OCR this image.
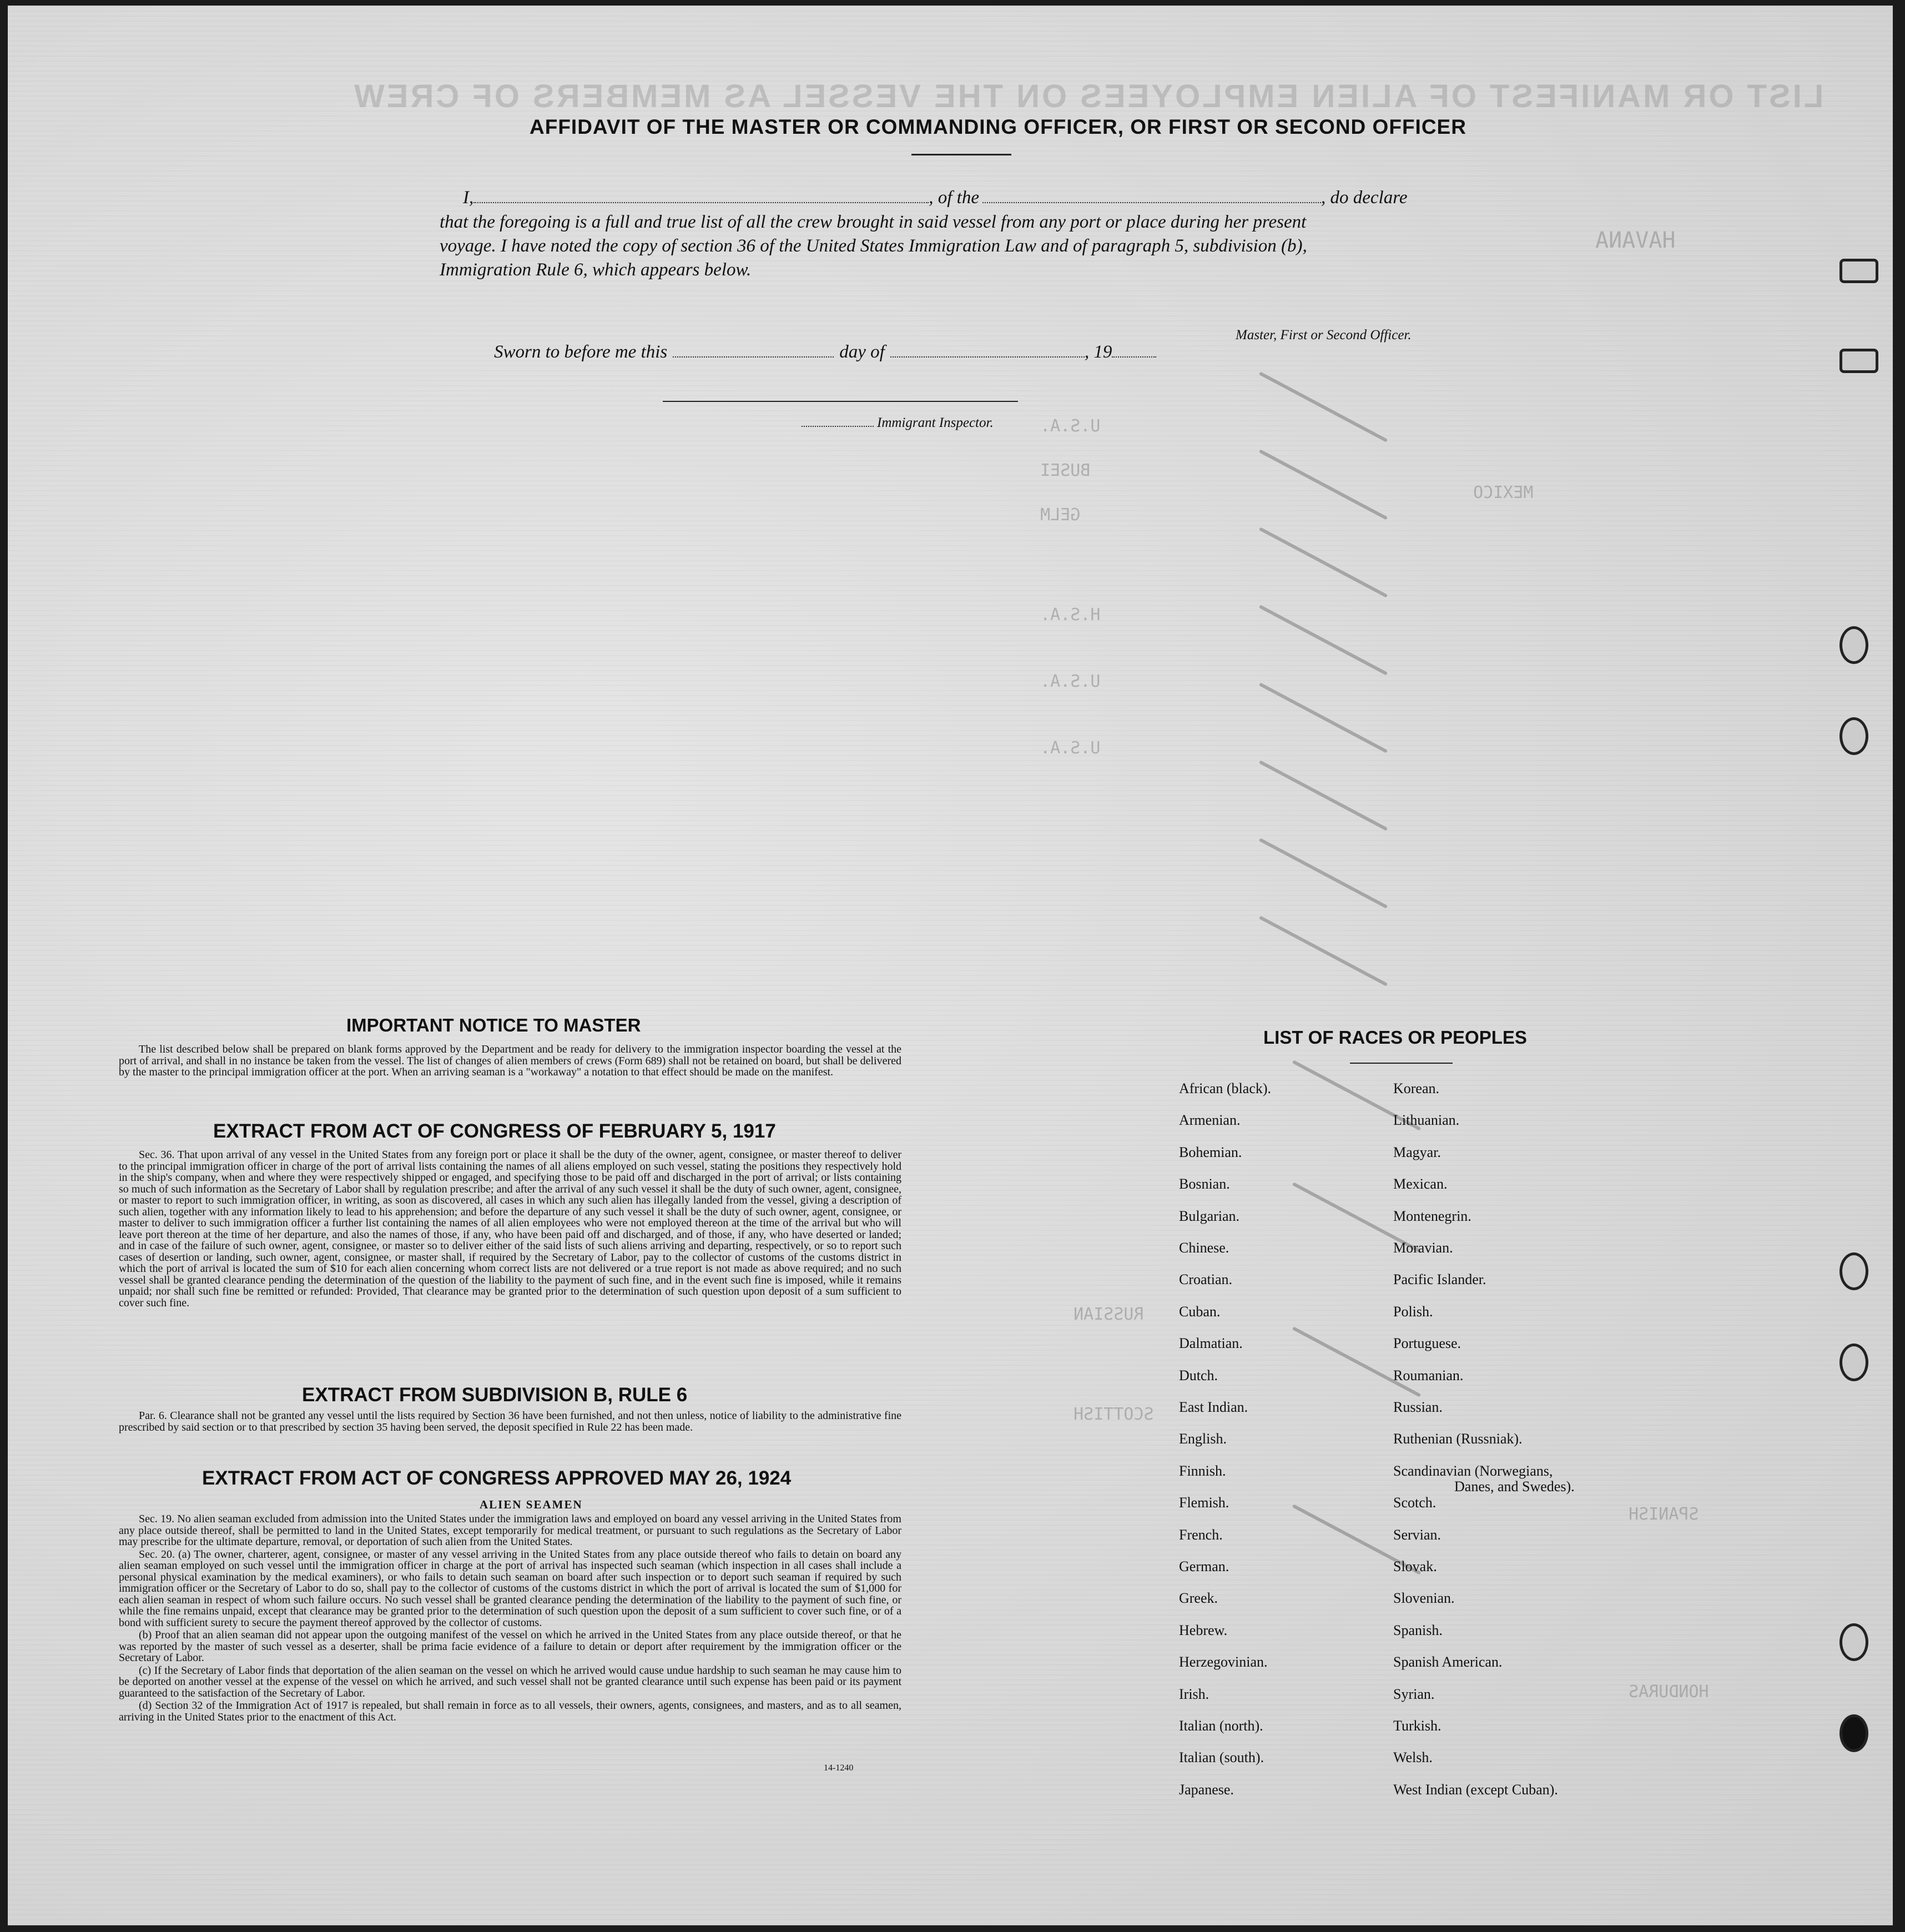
LIST OR MANIFEST OF ALIEN EMPLOYEES ON THE VESSEL AS MEMBERS OF CREW
HAVANA
U.S.A.
BUSEI
GELM
H.S.A.
U.S.A.
U.S.A.
MEXICO
RUSSIAN
SCOTTISH
SPANISH
HONDURAS
AFFIDAVIT OF THE MASTER OR COMMANDING OFFICER, OR FIRST OR SECOND OFFICER
I,	, of the	, do declare
that the foregoing is a full and true list of all the crew brought in said vessel from any port or place during her present
voyage. I have noted the copy of section 36 of the United States Immigration Law and of paragraph 5, subdivision (b),
Immigration Rule 6, which appears below.
Master, First or Second Officer.
Sworn to before me this	day of	, 19
Immigrant Inspector.
IMPORTANT NOTICE TO MASTER

The list described below shall be prepared on blank forms approved by the Department and be ready for delivery to the immigration inspector boarding the vessel at the port of arrival, and shall in no instance be taken from the vessel. The list of changes of alien members of crews (Form 689) shall not be retained on board, but shall be delivered by the master to the principal immigration officer at the port. When an arriving seaman is a "workaway" a notation to that effect should be made on the manifest.

EXTRACT FROM ACT OF CONGRESS OF FEBRUARY 5, 1917

Sec. 36. That upon arrival of any vessel in the United States from any foreign port or place it shall be the duty of the owner, agent, consignee, or master thereof to deliver to the principal immigration officer in charge of the port of arrival lists containing the names of all aliens employed on such vessel, stating the positions they respectively hold in the ship's company, when and where they were respectively shipped or engaged, and specifying those to be paid off and discharged in the port of arrival; or lists containing so much of such information as the Secretary of Labor shall by regulation prescribe; and after the arrival of any such vessel it shall be the duty of such owner, agent, consignee, or master to report to such immigration officer, in writing, as soon as discovered, all cases in which any such alien has illegally landed from the vessel, giving a description of such alien, together with any information likely to lead to his apprehension; and before the departure of any such vessel it shall be the duty of such owner, agent, consignee, or master to deliver to such immigration officer a further list containing the names of all alien employees who were not employed thereon at the time of the arrival but who will leave port thereon at the time of her departure, and also the names of those, if any, who have been paid off and discharged, and of those, if any, who have deserted or landed; and in case of the failure of such owner, agent, consignee, or master so to deliver either of the said lists of such aliens arriving and departing, respectively, or so to report such cases of desertion or landing, such owner, agent, consignee, or master shall, if required by the Secretary of Labor, pay to the collector of customs of the customs district in which the port of arrival is located the sum of $10 for each alien concerning whom correct lists are not delivered or a true report is not made as above required; and no such vessel shall be granted clearance pending the determination of the question of the liability to the payment of such fine, and in the event such fine is imposed, while it remains unpaid; nor shall such fine be remitted or refunded: Provided, That clearance may be granted prior to the determination of such question upon deposit of a sum sufficient to cover such fine.

EXTRACT FROM SUBDIVISION B, RULE 6

Par. 6. Clearance shall not be granted any vessel until the lists required by Section 36 have been furnished, and not then unless, notice of liability to the administrative fine prescribed by said section or to that prescribed by section 35 having been served, the deposit specified in Rule 22 has been made.

EXTRACT FROM ACT OF CONGRESS APPROVED MAY 26, 1924
ALIEN SEAMEN

Sec. 19. No alien seaman excluded from admission into the United States under the immigration laws and employed on board any vessel arriving in the United States from any place outside thereof, shall be permitted to land in the United States, except temporarily for medical treatment, or pursuant to such regulations as the Secretary of Labor may prescribe for the ultimate departure, removal, or deportation of such alien from the United States.

Sec. 20. (a) The owner, charterer, agent, consignee, or master of any vessel arriving in the United States from any place outside thereof who fails to detain on board any alien seaman employed on such vessel until the immigration officer in charge at the port of arrival has inspected such seaman (which inspection in all cases shall include a personal physical examination by the medical examiners), or who fails to detain such seaman on board after such inspection or to deport such seaman if required by such immigration officer or the Secretary of Labor to do so, shall pay to the collector of customs of the customs district in which the port of arrival is located the sum of $1,000 for each alien seaman in respect of whom such failure occurs. No such vessel shall be granted clearance pending the determination of the liability to the payment of such fine, or while the fine remains unpaid, except that clearance may be granted prior to the determination of such question upon the deposit of a sum sufficient to cover such fine, or of a bond with sufficient surety to secure the payment thereof approved by the collector of customs.

(b) Proof that an alien seaman did not appear upon the outgoing manifest of the vessel on which he arrived in the United States from any place outside thereof, or that he was reported by the master of such vessel as a deserter, shall be prima facie evidence of a failure to detain or deport after requirement by the immigration officer or the Secretary of Labor.

(c) If the Secretary of Labor finds that deportation of the alien seaman on the vessel on which he arrived would cause undue hardship to such seaman he may cause him to be deported on another vessel at the expense of the vessel on which he arrived, and such vessel shall not be granted clearance until such expense has been paid or its payment guaranteed to the satisfaction of the Secretary of Labor.

(d) Section 32 of the Immigration Act of 1917 is repealed, but shall remain in force as to all vessels, their owners, agents, consignees, and masters, and as to all seamen, arriving in the United States prior to the enactment of this Act.

14-1240
LIST OF RACES OR PEOPLES
African (black).
Armenian.
Bohemian.
Bosnian.
Bulgarian.
Chinese.
Croatian.
Cuban.
Dalmatian.
Dutch.
East Indian.
English.
Finnish.
Flemish.
French.
German.
Greek.
Hebrew.
Herzegovinian.
Irish.
Italian (north).
Italian (south).
Japanese.
Korean.
Lithuanian.
Magyar.
Mexican.
Montenegrin.
Moravian.
Pacific Islander.
Polish.
Portuguese.
Roumanian.
Russian.
Ruthenian (Russniak).
Scandinavian (Norwegians,
Danes, and Swedes).
Scotch.
Servian.
Slovak.
Slovenian.
Spanish.
Spanish American.
Syrian.
Turkish.
Welsh.
West Indian (except Cuban).
